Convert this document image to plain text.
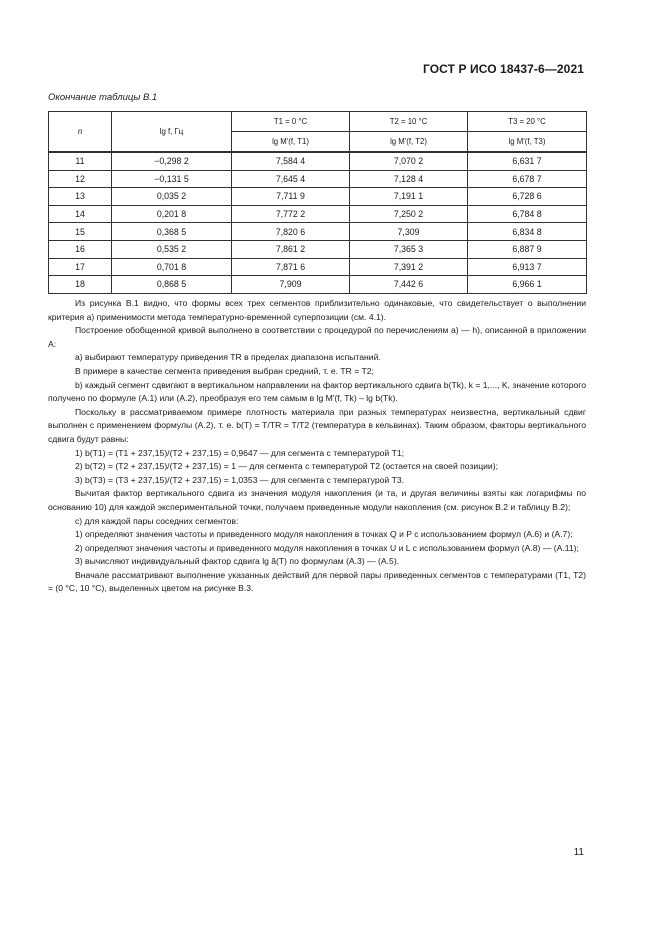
ГОСТ Р ИСО 18437-6—2021
Окончание таблицы В.1
n	lg f, Гц	T1 = 0 °C	T2 = 10 °C	T3 = 20 °C
		lg M'(f, T1)	lg M'(f, T2)	lg M'(f, T3)
11	−0,298 2	7,584 4	7,070 2	6,631 7
12	−0,131 5	7,645 4	7,128 4	6,678 7
13	0,035 2	7,711 9	7,191 1	6,728 6
14	0,201 8	7,772 2	7,250 2	6,784 8
15	0,368 5	7,820 6	7,309	6,834 8
16	0,535 2	7,861 2	7,365 3	6,887 9
17	0,701 8	7,871 6	7,391 2	6,913 7
18	0,868 5	7,909	7,442 6	6,966 1

Из рисунка В.1 видно, что формы всех трех сегментов приблизительно одинаковые, что свидетельствует о выполнении критерия а) применимости метода температурно-временной суперпозиции (см. 4.1).

Построение обобщенной кривой выполнено в соответствии с процедурой по перечислениям а) — h), описанной в приложении А:

а) выбирают температуру приведения TR в пределах диапазона испытаний.

В примере в качестве сегмента приведения выбран средний, т. е. TR = T2;

b) каждый сегмент сдвигают в вертикальном направлении на фактор вертикального сдвига b(Tk), k = 1,..., K, значение которого получено по формуле (А.1) или (А.2), преобразуя его тем самым в lg M'(f, Tk) – lg b(Tk).

Поскольку в рассматриваемом примере плотность материала при разных температурах неизвестна, вертикальный сдвиг выполнен с применением формулы (А.2), т. е. b(T) = T/TR = T/T2 (температура в кельвинах). Таким образом, факторы вертикального сдвига будут равны:

1) b(T1) = (T1 + 237,15)/(T2 + 237,15) = 0,9647 — для сегмента с температурой T1;

2) b(T2) = (T2 + 237,15)/(T2 + 237,15) = 1 — для сегмента с температурой T2 (остается на своей позиции);

3) b(T3) = (T3 + 237,15)/(T2 + 237,15) = 1,0353 — для сегмента с температурой T3.

Вычитая фактор вертикального сдвига из значения модуля накопления (и та, и другая величины взяты как логарифмы по основанию 10) для каждой экспериментальной точки, получаем приведенные модули накопления (см. рисунок В.2 и таблицу В.2);

с) для каждой пары соседних сегментов:

1) определяют значения частоты и приведенного модуля накопления в точках Q и P с использованием формул (А.6) и (А.7);

2) определяют значения частоты и приведенного модуля накопления в точках U и L с использованием формул (А.8) — (А.11);

3) вычисляют индивидуальный фактор сдвига lg ã(T) по формулам (А.3) — (А.5).

Вначале рассматривают выполнение указанных действий для первой пары приведенных сегментов с температурами (T1, T2) = (0 °C, 10 °C), выделенных цветом на рисунке В.3.

11
